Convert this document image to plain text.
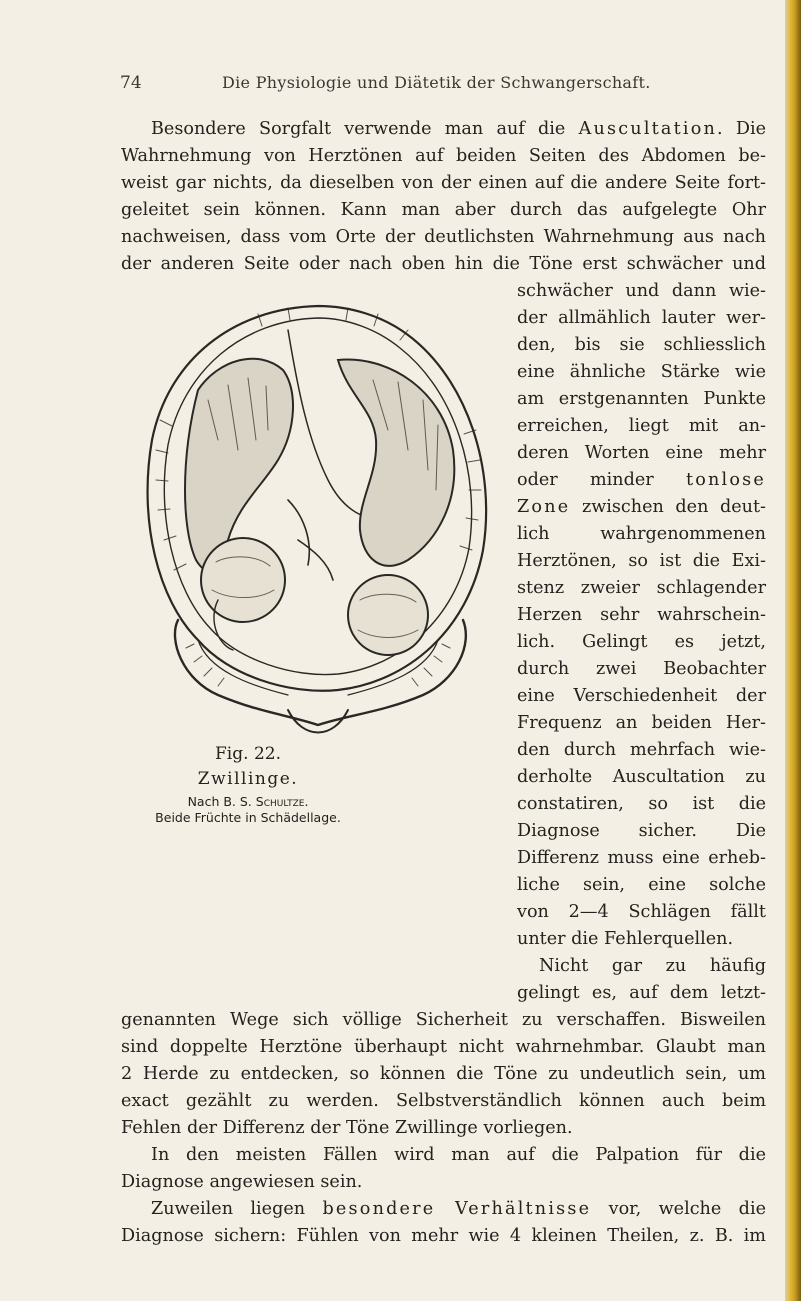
74	Die Physiologie und Diätetik der Schwangerschaft.
Besondere Sorgfalt verwende man auf die Auscultation. Die
Wahrnehmung von Herztönen auf beiden Seiten des Abdomen be-
weist gar nichts, da dieselben von der einen auf die andere Seite fort-
geleitet sein können. Kann man aber durch das aufgelegte Ohr
nachweisen, dass vom Orte der deutlichsten Wahrnehmung aus nach
der anderen Seite oder nach oben hin die Töne erst schwächer und
schwächer und dann wie-
der allmählich lauter wer-
den, bis sie schliesslich
eine ähnliche Stärke wie
am erstgenannten Punkte
erreichen, liegt mit an-
deren Worten eine mehr
oder minder tonlose
Zone zwischen den deut-
lich wahrgenommenen
Herztönen, so ist die Exi-
stenz zweier schlagender
Herzen sehr wahrschein-
lich. Gelingt es jetzt,
durch zwei Beobachter
eine Verschiedenheit der
Frequenz an beiden Her-
den durch mehrfach wie-
derholte Auscultation zu
constatiren, so ist die
Diagnose sicher. Die
Differenz muss eine erheb-
liche sein, eine solche
von 2—4 Schlägen fällt
unter die Fehlerquellen.
Nicht gar zu häufig
gelingt es, auf dem letzt-
genannten Wege sich völlige Sicherheit zu verschaffen. Bisweilen
sind doppelte Herztöne überhaupt nicht wahrnehmbar. Glaubt man
2 Herde zu entdecken, so können die Töne zu undeutlich sein, um
exact gezählt zu werden. Selbstverständlich können auch beim
Fehlen der Differenz der Töne Zwillinge vorliegen.
In den meisten Fällen wird man auf die Palpation für die
Diagnose angewiesen sein.
Zuweilen liegen besondere Verhältnisse vor, welche die
Diagnose sichern: Fühlen von mehr wie 4 kleinen Theilen, z. B. im
Fig. 22.
Zwillinge.
Nach B. S. Schultze.
Beide Früchte in Schädellage.
